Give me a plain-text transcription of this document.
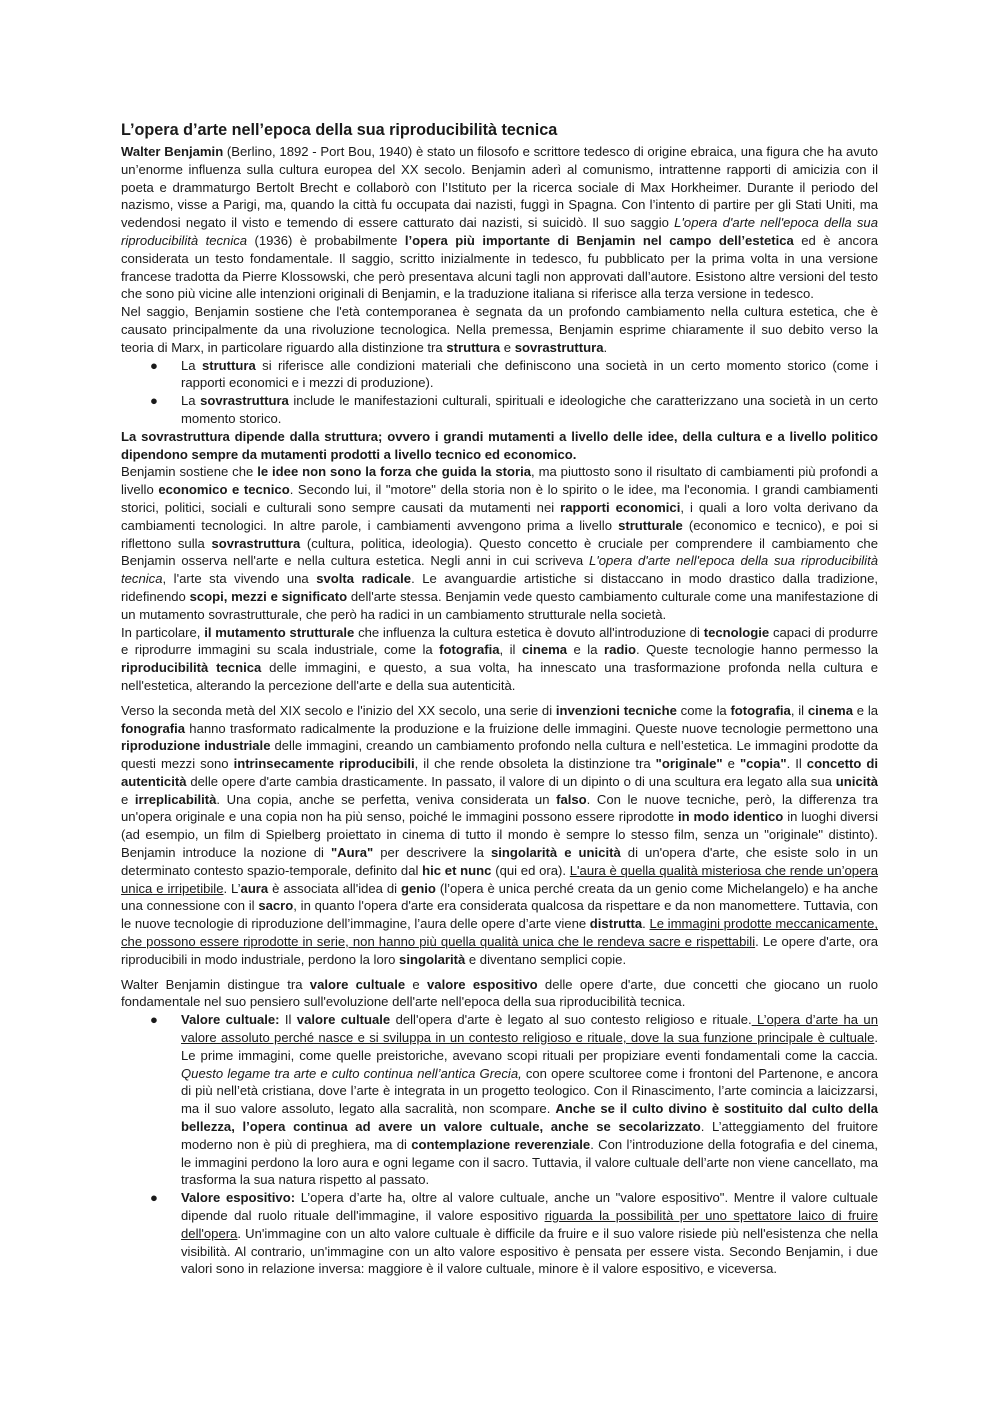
L’opera d’arte nell’epoca della sua riproducibilità tecnica

Walter Benjamin (Berlino, 1892 - Port Bou, 1940) è stato un filosofo e scrittore tedesco di origine ebraica, una figura che ha avuto un’enorme influenza sulla cultura europea del XX secolo. Benjamin aderì al comunismo, intrattenne rapporti di amicizia con il poeta e drammaturgo Bertolt Brecht e collaborò con l’Istituto per la ricerca sociale di Max Horkheimer. Durante il periodo del nazismo, visse a Parigi, ma, quando la città fu occupata dai nazisti, fuggì in Spagna. Con l’intento di partire per gli Stati Uniti, ma vedendosi negato il visto e temendo di essere catturato dai nazisti, si suicidò. Il suo saggio L'opera d'arte nell'epoca della sua riproducibilità tecnica (1936) è probabilmente l’opera più importante di Benjamin nel campo dell’estetica ed è ancora considerata un testo fondamentale. Il saggio, scritto inizialmente in tedesco, fu pubblicato per la prima volta in una versione francese tradotta da Pierre Klossowski, che però presentava alcuni tagli non approvati dall’autore. Esistono altre versioni del testo che sono più vicine alle intenzioni originali di Benjamin, e la traduzione italiana si riferisce alla terza versione in tedesco.

Nel saggio, Benjamin sostiene che l'età contemporanea è segnata da un profondo cambiamento nella cultura estetica, che è causato principalmente da una rivoluzione tecnologica. Nella premessa, Benjamin esprime chiaramente il suo debito verso la teoria di Marx, in particolare riguardo alla distinzione tra struttura e sovrastruttura.

● La struttura si riferisce alle condizioni materiali che definiscono una società in un certo momento storico (come i rapporti economici e i mezzi di produzione).
● La sovrastruttura include le manifestazioni culturali, spirituali e ideologiche che caratterizzano una società in un certo momento storico.

La sovrastruttura dipende dalla struttura; ovvero i grandi mutamenti a livello delle idee, della cultura e a livello politico dipendono sempre da mutamenti prodotti a livello tecnico ed economico.

Benjamin sostiene che le idee non sono la forza che guida la storia, ma piuttosto sono il risultato di cambiamenti più profondi a livello economico e tecnico. Secondo lui, il "motore" della storia non è lo spirito o le idee, ma l'economia. I grandi cambiamenti storici, politici, sociali e culturali sono sempre causati da mutamenti nei rapporti economici, i quali a loro volta derivano da cambiamenti tecnologici. In altre parole, i cambiamenti avvengono prima a livello strutturale (economico e tecnico), e poi si riflettono sulla sovrastruttura (cultura, politica, ideologia). Questo concetto è cruciale per comprendere il cambiamento che Benjamin osserva nell'arte e nella cultura estetica. Negli anni in cui scriveva L'opera d'arte nell'epoca della sua riproducibilità tecnica, l'arte sta vivendo una svolta radicale. Le avanguardie artistiche si distaccano in modo drastico dalla tradizione, ridefinendo scopi, mezzi e significato dell'arte stessa. Benjamin vede questo cambiamento culturale come una manifestazione di un mutamento sovrastrutturale, che però ha radici in un cambiamento strutturale nella società.

In particolare, il mutamento strutturale che influenza la cultura estetica è dovuto all'introduzione di tecnologie capaci di produrre e riprodurre immagini su scala industriale, come la fotografia, il cinema e la radio. Queste tecnologie hanno permesso la riproducibilità tecnica delle immagini, e questo, a sua volta, ha innescato una trasformazione profonda nella cultura e nell'estetica, alterando la percezione dell'arte e della sua autenticità.

Verso la seconda metà del XIX secolo e l'inizio del XX secolo, una serie di invenzioni tecniche come la fotografia, il cinema e la fonografia hanno trasformato radicalmente la produzione e la fruizione delle immagini. Queste nuove tecnologie permettono una riproduzione industriale delle immagini, creando un cambiamento profondo nella cultura e nell’estetica. Le immagini prodotte da questi mezzi sono intrinsecamente riproducibili, il che rende obsoleta la distinzione tra "originale" e "copia". Il concetto di autenticità delle opere d'arte cambia drasticamente. In passato, il valore di un dipinto o di una scultura era legato alla sua unicità e irreplicabilità. Una copia, anche se perfetta, veniva considerata un falso. Con le nuove tecniche, però, la differenza tra un'opera originale e una copia non ha più senso, poiché le immagini possono essere riprodotte in modo identico in luoghi diversi (ad esempio, un film di Spielberg proiettato in cinema di tutto il mondo è sempre lo stesso film, senza un "originale" distinto). Benjamin introduce la nozione di "Aura" per descrivere la singolarità e unicità di un'opera d'arte, che esiste solo in un determinato contesto spazio-temporale, definito dal hic et nunc (qui ed ora). L'aura è quella qualità misteriosa che rende un’opera unica e irripetibile. L’aura è associata all'idea di genio (l’opera è unica perché creata da un genio come Michelangelo) e ha anche una connessione con il sacro, in quanto l'opera d'arte era considerata qualcosa da rispettare e da non manomettere. Tuttavia, con le nuove tecnologie di riproduzione dell’immagine, l’aura delle opere d’arte viene distrutta. Le immagini prodotte meccanicamente, che possono essere riprodotte in serie, non hanno più quella qualità unica che le rendeva sacre e rispettabili. Le opere d'arte, ora riproducibili in modo industriale, perdono la loro singolarità e diventano semplici copie.

Walter Benjamin distingue tra valore cultuale e valore espositivo delle opere d'arte, due concetti che giocano un ruolo fondamentale nel suo pensiero sull'evoluzione dell'arte nell'epoca della sua riproducibilità tecnica.

● Valore cultuale: Il valore cultuale dell'opera d'arte è legato al suo contesto religioso e rituale. L’opera d’arte ha un valore assoluto perché nasce e si sviluppa in un contesto religioso e rituale, dove la sua funzione principale è cultuale. Le prime immagini, come quelle preistoriche, avevano scopi rituali per propiziare eventi fondamentali come la caccia. Questo legame tra arte e culto continua nell’antica Grecia, con opere scultoree come i frontoni del Partenone, e ancora di più nell’età cristiana, dove l’arte è integrata in un progetto teologico. Con il Rinascimento, l’arte comincia a laicizzarsi, ma il suo valore assoluto, legato alla sacralità, non scompare. Anche se il culto divino è sostituito dal culto della bellezza, l’opera continua ad avere un valore cultuale, anche se secolarizzato. L’atteggiamento del fruitore moderno non è più di preghiera, ma di contemplazione reverenziale. Con l’introduzione della fotografia e del cinema, le immagini perdono la loro aura e ogni legame con il sacro. Tuttavia, il valore cultuale dell’arte non viene cancellato, ma trasforma la sua natura rispetto al passato.
● Valore espositivo: L’opera d’arte ha, oltre al valore cultuale, anche un "valore espositivo". Mentre il valore cultuale dipende dal ruolo rituale dell'immagine, il valore espositivo riguarda la possibilità per uno spettatore laico di fruire dell'opera. Un'immagine con un alto valore cultuale è difficile da fruire e il suo valore risiede più nell'esistenza che nella visibilità. Al contrario, un'immagine con un alto valore espositivo è pensata per essere vista. Secondo Benjamin, i due valori sono in relazione inversa: maggiore è il valore cultuale, minore è il valore espositivo, e viceversa.
